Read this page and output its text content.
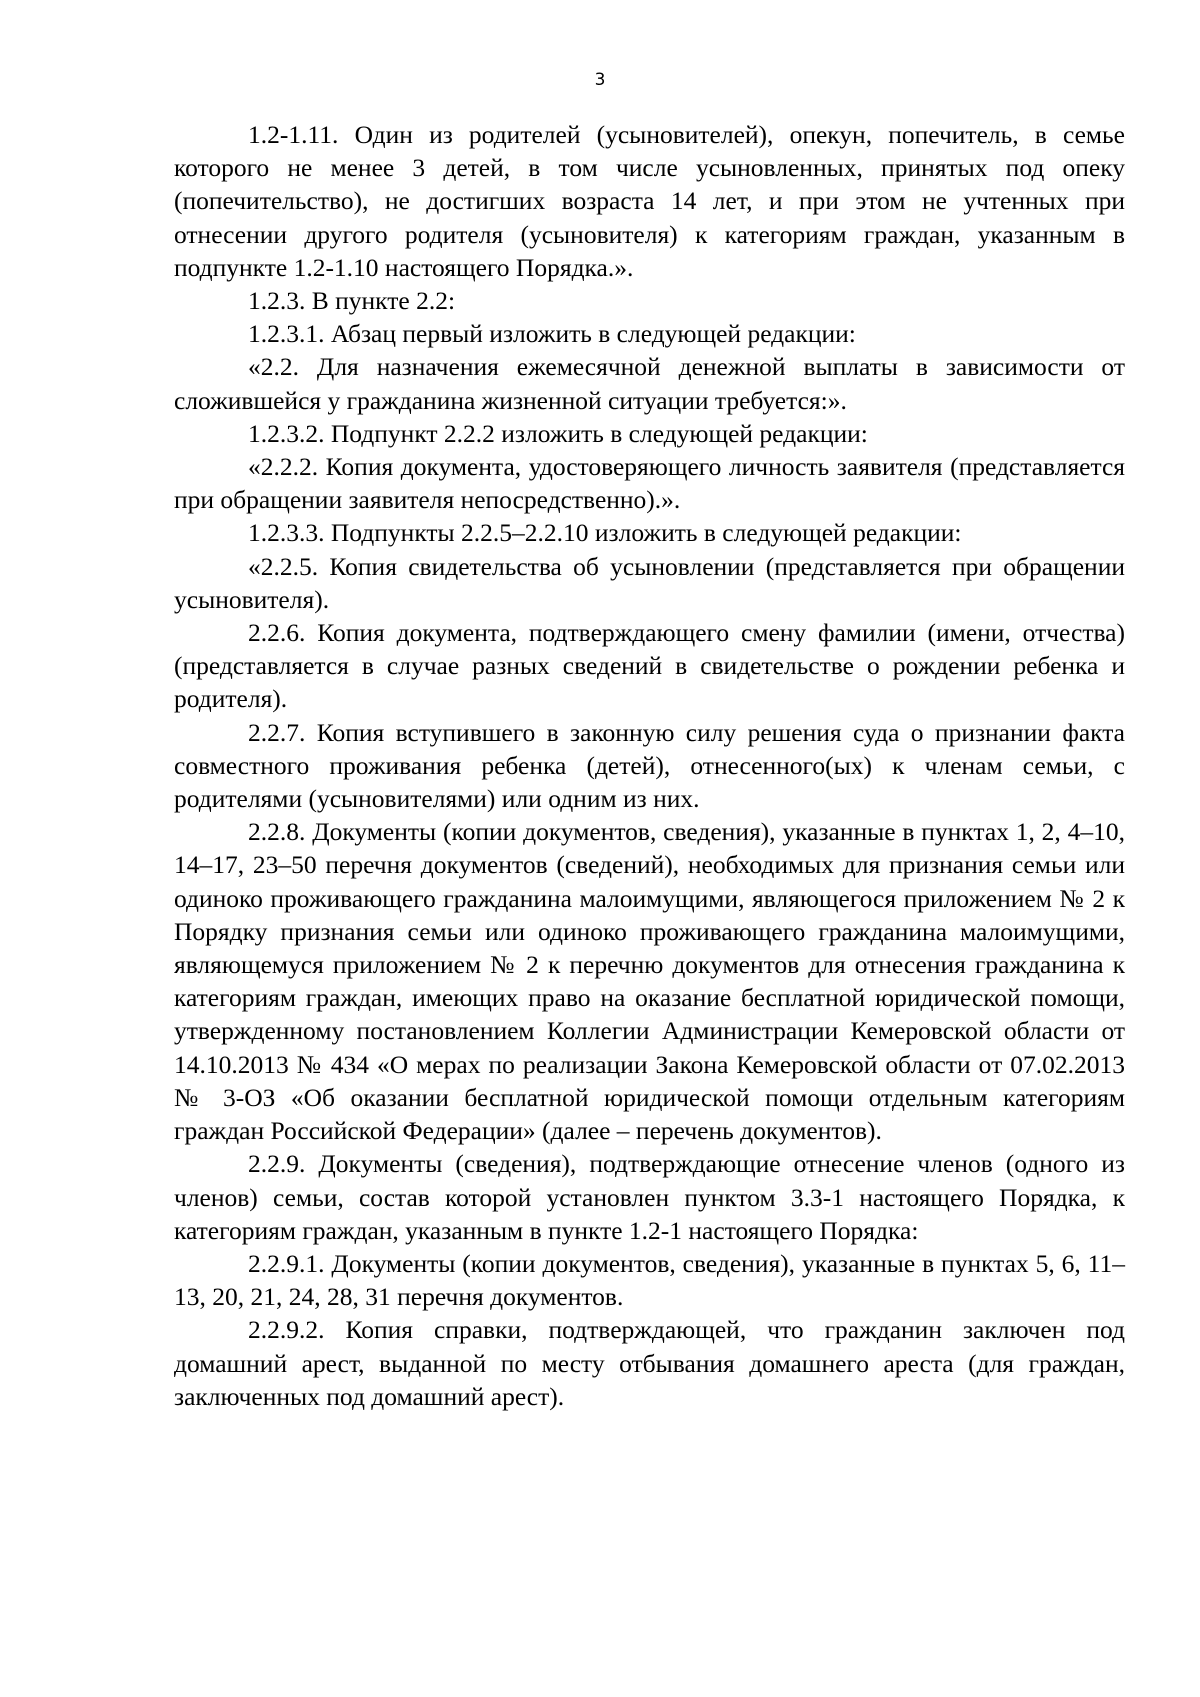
3

1.2-1.11. Один из родителей (усыновителей), опекун, попечитель, в семье которого не менее 3 детей, в том числе усыновленных, принятых под опеку (попечительство), не достигших возраста 14 лет, и при этом не учтенных при отнесении другого родителя (усыновителя) к категориям граждан, указанным в подпункте 1.2-1.10 настоящего Порядка.».

1.2.3. В пункте 2.2:

1.2.3.1. Абзац первый изложить в следующей редакции:

«2.2. Для назначения ежемесячной денежной выплаты в зависимости от сложившейся у гражданина жизненной ситуации требуется:».

1.2.3.2. Подпункт 2.2.2 изложить в следующей редакции:

«2.2.2. Копия документа, удостоверяющего личность заявителя (представляется при обращении заявителя непосредственно).».

1.2.3.3. Подпункты 2.2.5–2.2.10 изложить в следующей редакции:

«2.2.5. Копия свидетельства об усыновлении (представляется при обращении усыновителя).

2.2.6. Копия документа, подтверждающего смену фамилии (имени, отчества) (представляется в случае разных сведений в свидетельстве о рождении ребенка и родителя).

2.2.7. Копия вступившего в законную силу решения суда о признании факта совместного проживания ребенка (детей), отнесенного(ых) к членам семьи, с родителями (усыновителями) или одним из них.

2.2.8. Документы (копии документов, сведения), указанные в пунктах 1, 2, 4–10, 14–17, 23–50 перечня документов (сведений), необходимых для признания семьи или одиноко проживающего гражданина малоимущими, являющегося приложением № 2 к Порядку признания семьи или одиноко проживающего гражданина малоимущими, являющемуся приложением № 2 к перечню документов для отнесения гражданина к категориям граждан, имеющих право на оказание бесплатной юридической помощи, утвержденному постановлением Коллегии Администрации Кемеровской области от 14.10.2013 № 434 «О мерах по реализации Закона Кемеровской области от 07.02.2013 № 3-ОЗ «Об оказании бесплатной юридической помощи отдельным категориям граждан Российской Федерации» (далее – перечень документов).

2.2.9. Документы (сведения), подтверждающие отнесение членов (одного из членов) семьи, состав которой установлен пунктом 3.3-1 настоящего Порядка, к категориям граждан, указанным в пункте 1.2-1 настоящего Порядка:

2.2.9.1. Документы (копии документов, сведения), указанные в пунктах 5, 6, 11–13, 20, 21, 24, 28, 31 перечня документов.

2.2.9.2. Копия справки, подтверждающей, что гражданин заключен под домашний арест, выданной по месту отбывания домашнего ареста (для граждан, заключенных под домашний арест).
